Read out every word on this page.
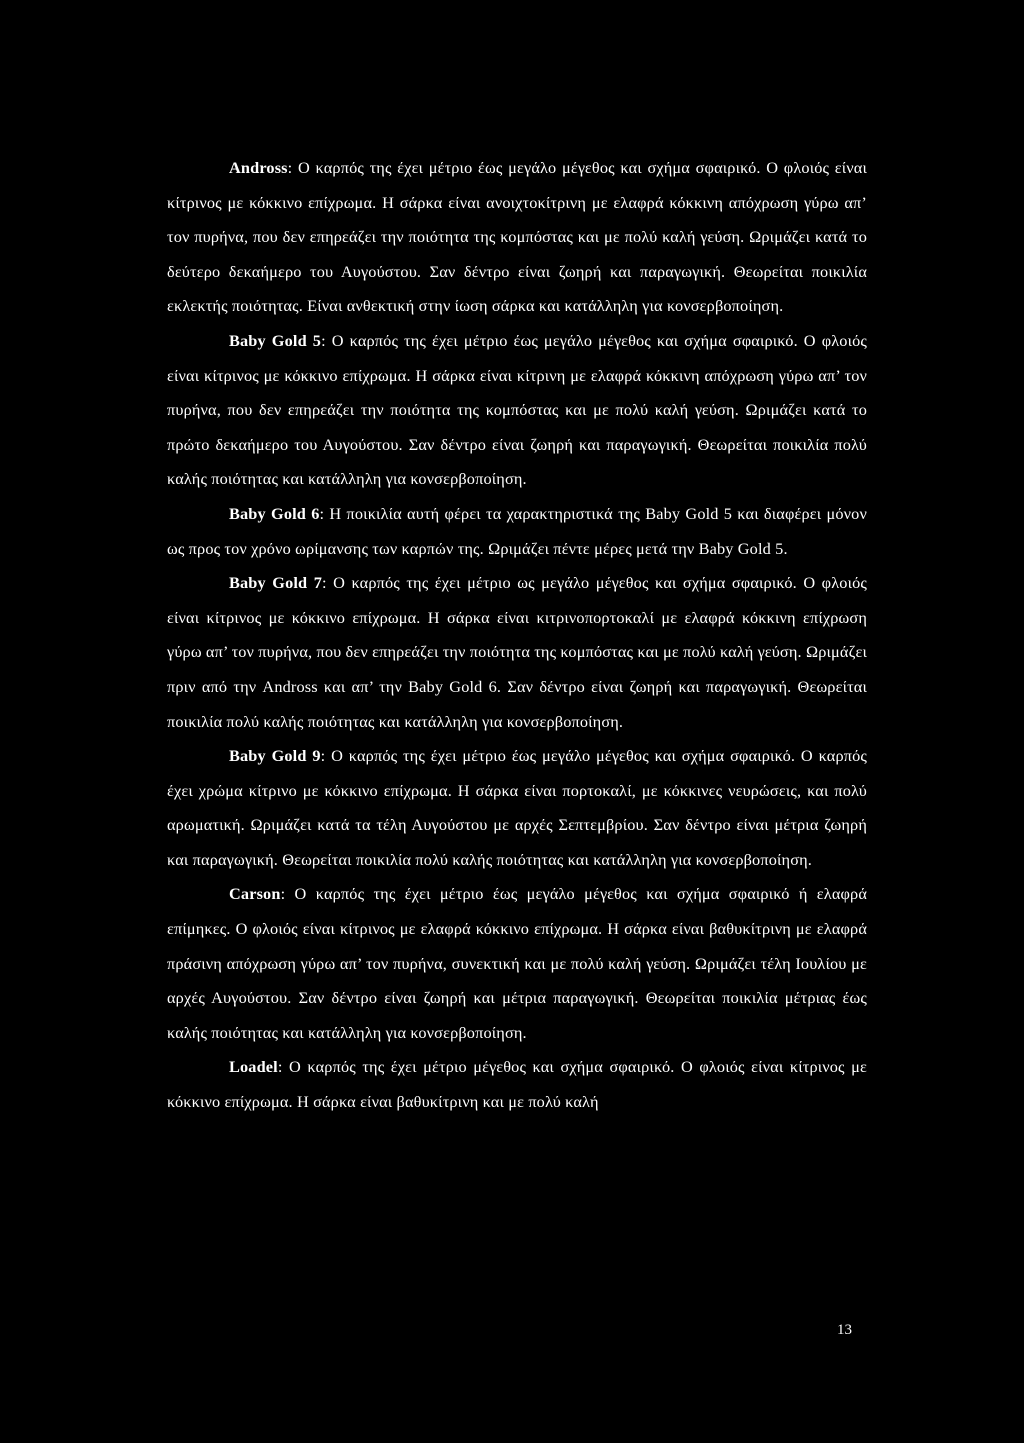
Andross: Ο καρπός της έχει μέτριο έως μεγάλο μέγεθος και σχήμα σφαιρικό. Ο φλοιός είναι κίτρινος με κόκκινο επίχρωμα. Η σάρκα είναι ανοιχτοκίτρινη με ελαφρά κόκκινη απόχρωση γύρω απ’ τον πυρήνα, που δεν επηρεάζει την ποιότητα της κομπόστας και με πολύ καλή γεύση. Ωριμάζει κατά το δεύτερο δεκαήμερο του Αυγούστου. Σαν δέντρο είναι ζωηρή και παραγωγική. Θεωρείται ποικιλία εκλεκτής ποιότητας. Είναι ανθεκτική στην ίωση σάρκα και κατάλληλη για κονσερβοποίηση.

Baby Gold 5: Ο καρπός της έχει μέτριο έως μεγάλο μέγεθος και σχήμα σφαιρικό. Ο φλοιός είναι κίτρινος με κόκκινο επίχρωμα. Η σάρκα είναι κίτρινη με ελαφρά κόκκινη απόχρωση γύρω απ’ τον πυρήνα, που δεν επηρεάζει την ποιότητα της κομπόστας και με πολύ καλή γεύση. Ωριμάζει κατά το πρώτο δεκαήμερο του Αυγούστου. Σαν δέντρο είναι ζωηρή και παραγωγική. Θεωρείται ποικιλία πολύ καλής ποιότητας και κατάλληλη για κονσερβοποίηση.

Baby Gold 6: Η ποικιλία αυτή φέρει τα χαρακτηριστικά της Baby Gold 5 και διαφέρει μόνον ως προς τον χρόνο ωρίμανσης των καρπών της. Ωριμάζει πέντε μέρες μετά την Baby Gold 5.

Baby Gold 7: Ο καρπός της έχει μέτριο ως μεγάλο μέγεθος και σχήμα σφαιρικό. Ο φλοιός είναι κίτρινος με κόκκινο επίχρωμα. Η σάρκα είναι κιτρινοπορτοκαλί με ελαφρά κόκκινη επίχρωση γύρω απ’ τον πυρήνα, που δεν επηρεάζει την ποιότητα της κομπόστας και με πολύ καλή γεύση. Ωριμάζει πριν από την Andross και απ’ την Baby Gold 6. Σαν δέντρο είναι ζωηρή και παραγωγική. Θεωρείται ποικιλία πολύ καλής ποιότητας και κατάλληλη για κονσερβοποίηση.

Baby Gold 9: Ο καρπός της έχει μέτριο έως μεγάλο μέγεθος και σχήμα σφαιρικό. Ο καρπός έχει χρώμα κίτρινο με κόκκινο επίχρωμα. Η σάρκα είναι πορτοκαλί, με κόκκινες νευρώσεις, και πολύ αρωματική. Ωριμάζει κατά τα τέλη Αυγούστου με αρχές Σεπτεμβρίου. Σαν δέντρο είναι μέτρια ζωηρή και παραγωγική. Θεωρείται ποικιλία πολύ καλής ποιότητας και κατάλληλη για κονσερβοποίηση.

Carson: Ο καρπός της έχει μέτριο έως μεγάλο μέγεθος και σχήμα σφαιρικό ή ελαφρά επίμηκες. Ο φλοιός είναι κίτρινος με ελαφρά κόκκινο επίχρωμα. Η σάρκα είναι βαθυκίτρινη με ελαφρά πράσινη απόχρωση γύρω απ’ τον πυρήνα, συνεκτική και με πολύ καλή γεύση. Ωριμάζει τέλη Ιουλίου με αρχές Αυγούστου. Σαν δέντρο είναι ζωηρή και μέτρια παραγωγική. Θεωρείται ποικιλία μέτριας έως καλής ποιότητας και κατάλληλη για κονσερβοποίηση.

Loadel: Ο καρπός της έχει μέτριο μέγεθος και σχήμα σφαιρικό. Ο φλοιός είναι κίτρινος με κόκκινο επίχρωμα. Η σάρκα είναι βαθυκίτρινη και με πολύ καλή

13
